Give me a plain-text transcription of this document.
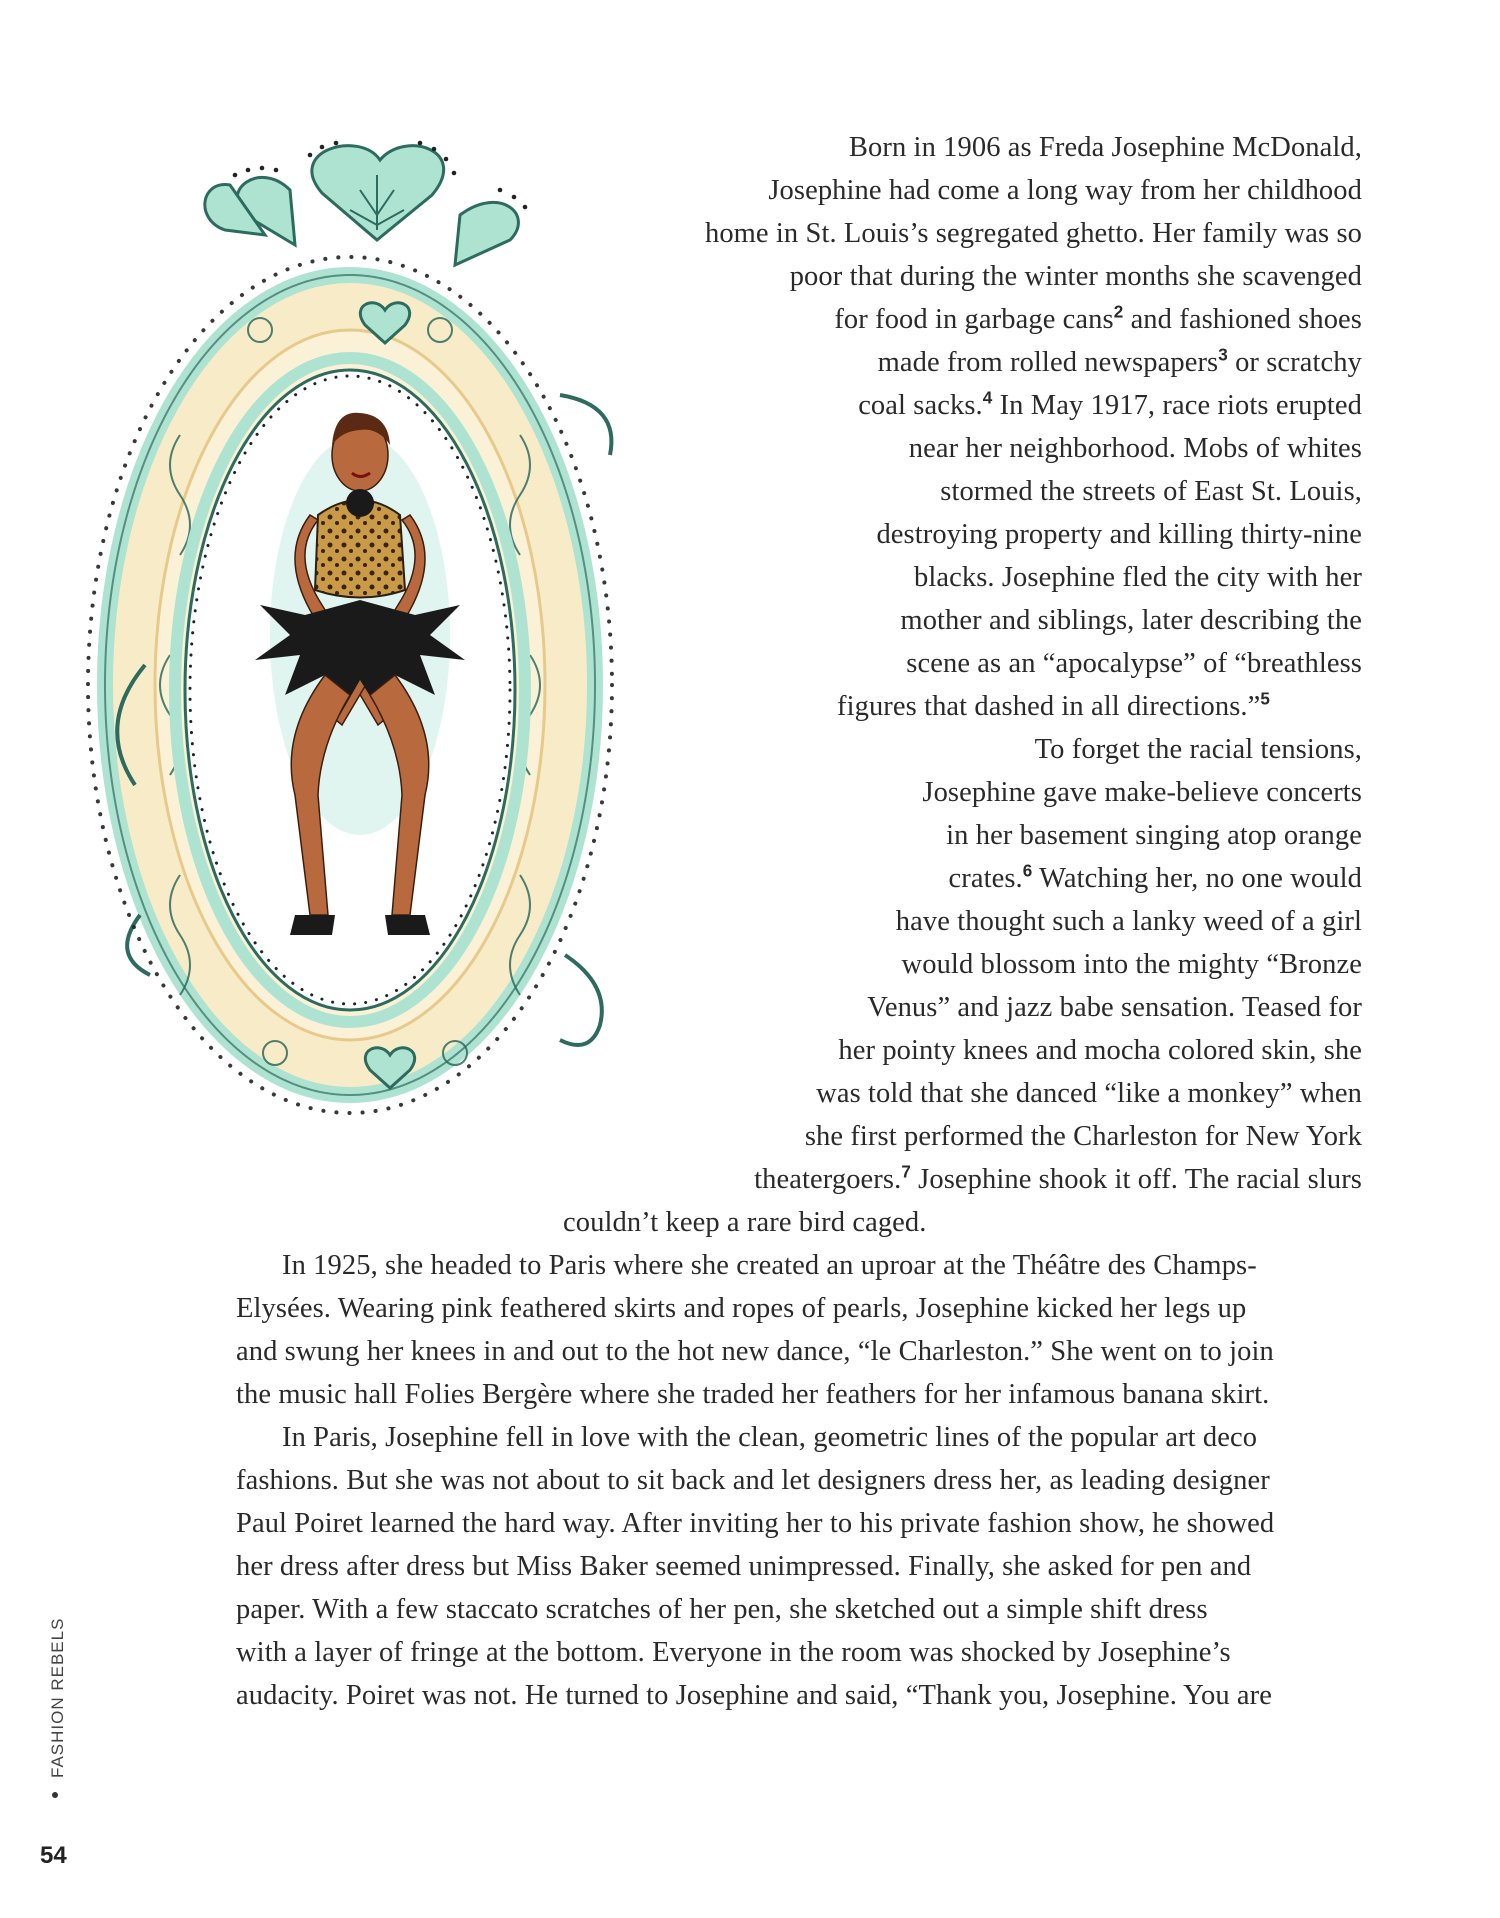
Born in 1906 as Freda Josephine McDonald,
Josephine had come a long way from her childhood
home in St. Louis’s segregated ghetto. Her family was so
poor that during the winter months she scavenged
for food in garbage cans$^2$ and fashioned shoes
made from rolled newspapers$^3$ or scratchy
coal sacks.$^4$ In May 1917, race riots erupted
near her neighborhood. Mobs of whites
stormed the streets of East St. Louis,
destroying property and killing thirty-nine
blacks. Josephine fled the city with her
mother and siblings, later describing the
scene as an “apocalypse” of “breathless
figures that dashed in all directions.”$^5$
To forget the racial tensions,
Josephine gave make-believe concerts
in her basement singing atop orange
crates.$^6$ Watching her, no one would
have thought such a lanky weed of a girl
would blossom into the mighty “Bronze
Venus” and jazz babe sensation. Teased for
her pointy knees and mocha colored skin, she
was told that she danced “like a monkey” when
she first performed the Charleston for New York
theatergoers.$^7$ Josephine shook it off. The racial slurs
couldn’t keep a rare bird caged.
In 1925, she headed to Paris where she created an uproar at the Théâtre des Champs-
Elysées. Wearing pink feathered skirts and ropes of pearls, Josephine kicked her legs up
and swung her knees in and out to the hot new dance, “le Charleston.” She went on to join
the music hall Folies Bergère where she traded her feathers for her infamous banana skirt.
In Paris, Josephine fell in love with the clean, geometric lines of the popular art deco
fashions. But she was not about to sit back and let designers dress her, as leading designer
Paul Poiret learned the hard way. After inviting her to his private fashion show, he showed
her dress after dress but Miss Baker seemed unimpressed. Finally, she asked for pen and
paper. With a few staccato scratches of her pen, she sketched out a simple shift dress
with a layer of fringe at the bottom. Everyone in the room was shocked by Josephine’s
audacity. Poiret was not. He turned to Josephine and said, “Thank you, Josephine. You are
FASHION REBELS
54
